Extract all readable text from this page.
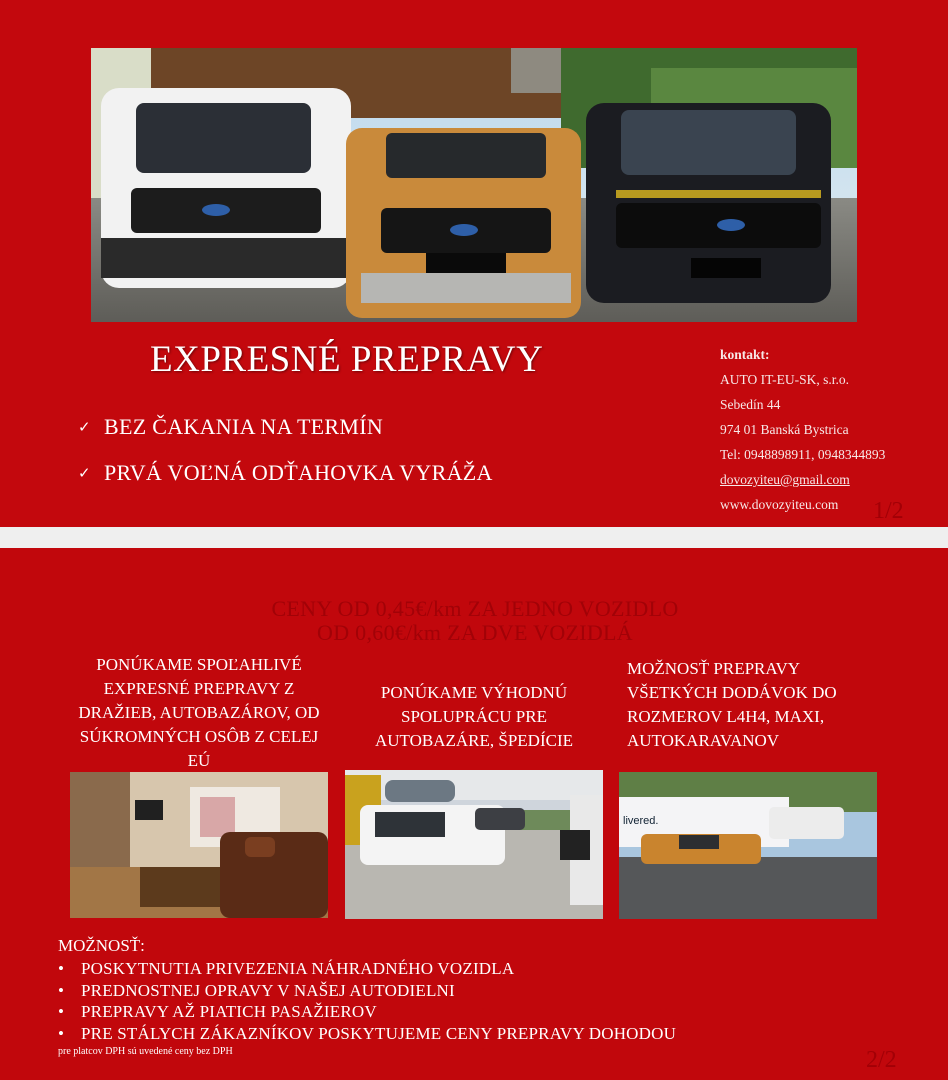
EXPRESNÉ PREPRAVY
✓ BEZ ČAKANIA NA TERMÍN
✓ PRVÁ VOĽNÁ ODŤAHOVKA VYRÁŽA
kontakt:
AUTO IT-EU-SK, s.r.o.
Sebedín 44
974 01 Banská Bystrica
Tel: 0948898911, 0948344893
dovozyiteu@gmail.com
www.dovozyiteu.com	1/2
CENY OD 0,45€/km ZA JEDNO VOZIDLO
OD 0,60€/km ZA DVE VOZIDLÁ
PONÚKAME SPOĽAHLIVÉ EXPRESNÉ PREPRAVY Z DRAŽIEB, AUTOBAZÁROV, OD SÚKROMNÝCH OSÔB Z CELEJ EÚ
PONÚKAME VÝHODNÚ SPOLUPRÁCU PRE AUTOBAZÁRE, ŠPEDÍCIE
MOŽNOSŤ PREPRAVY VŠETKÝCH DODÁVOK DO ROZMEROV L4H4, MAXI, AUTOKARAVANOV
livered.
MOŽNOSŤ:
• POSKYTNUTIA PRIVEZENIA NÁHRADNÉHO VOZIDLA
• PREDNOSTNEJ OPRAVY V NAŠEJ AUTODIELNI
• PREPRAVY AŽ PIATICH PASAŽIEROV
• PRE STÁLYCH ZÁKAZNÍKOV POSKYTUJEME CENY PREPRAVY DOHODOU
pre platcov DPH sú uvedené ceny bez DPH	2/2
